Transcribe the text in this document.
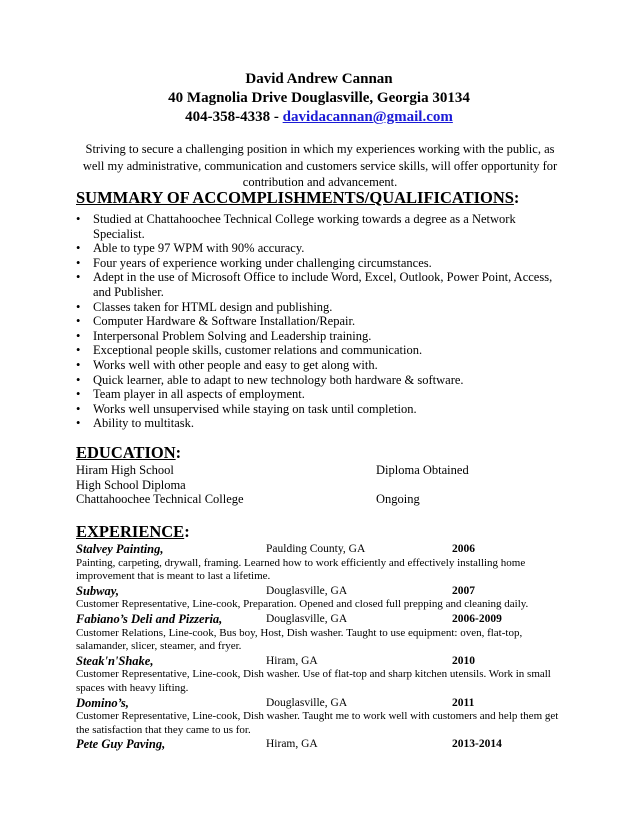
David Andrew Cannan
40 Magnolia Drive Douglasville, Georgia 30134
404-358-4338 - davidacannan@gmail.com
Striving to secure a challenging position in which my experiences working with the public, as well my administrative, communication and customers service skills, will offer opportunity for contribution and advancement.
SUMMARY OF ACCOMPLISHMENTS/QUALIFICATIONS:
• Studied at Chattahoochee Technical College working towards a degree as a Network Specialist.
• Able to type 97 WPM with 90% accuracy.
• Four years of experience working under challenging circumstances.
• Adept in the use of Microsoft Office to include Word, Excel, Outlook, Power Point, Access, and Publisher.
• Classes taken for HTML design and publishing.
• Computer Hardware & Software Installation/Repair.
• Interpersonal Problem Solving and Leadership training.
• Exceptional people skills, customer relations and communication.
• Works well with other people and easy to get along with.
• Quick learner, able to adapt to new technology both hardware & software.
• Team player in all aspects of employment.
• Works well unsupervised while staying on task until completion.
• Ability to multitask.
EDUCATION:
Hiram High School	Diploma Obtained
High School Diploma
Chattahoochee Technical College	Ongoing
EXPERIENCE:
Stalvey Painting,	Paulding County, GA	2006
Painting, carpeting, drywall, framing. Learned how to work efficiently and effectively installing home improvement that is meant to last a lifetime.
Subway,	Douglasville, GA	2007
Customer Representative, Line-cook, Preparation. Opened and closed full prepping and cleaning daily.
Fabiano’s Deli and Pizzeria,	Douglasville, GA	2006-2009
Customer Relations, Line-cook, Bus boy, Host, Dish washer. Taught to use equipment: oven, flat-top, salamander, slicer, steamer, and fryer.
Steak'n'Shake,	Hiram, GA	2010
Customer Representative, Line-cook, Dish washer. Use of flat-top and sharp kitchen utensils. Work in small spaces with heavy lifting.
Domino’s,	Douglasville, GA	2011
Customer Representative, Line-cook, Dish washer. Taught me to work well with customers and help them get the satisfaction that they came to us for.
Pete Guy Paving,	Hiram, GA	2013-2014
